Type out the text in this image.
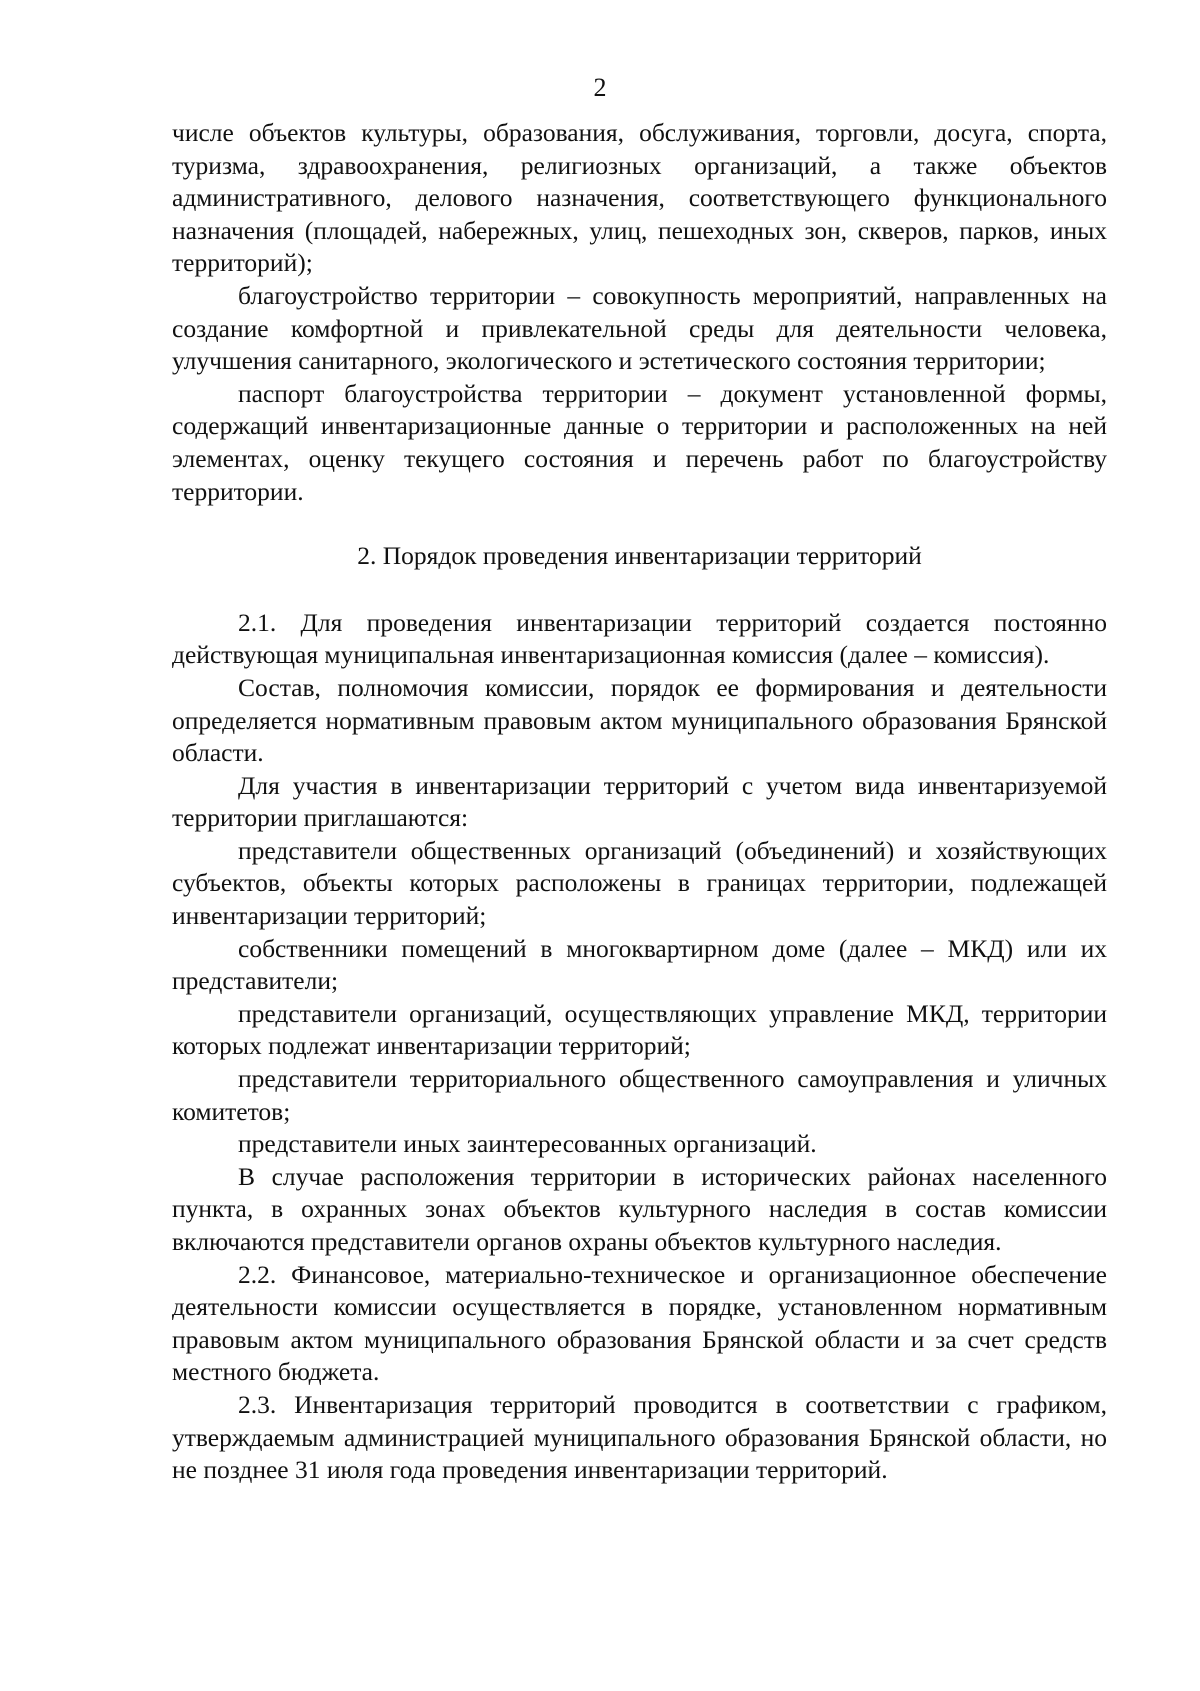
2

числе объектов культуры, образования, обслуживания, торговли, досуга, спорта, туризма, здравоохранения, религиозных организаций, а также объектов административного, делового назначения, соответствующего функционального назначения (площадей, набережных, улиц, пешеходных зон, скверов, парков, иных территорий);

благоустройство территории – совокупность мероприятий, направленных на создание комфортной и привлекательной среды для деятельности человека, улучшения санитарного, экологического и эстетического состояния территории;

паспорт благоустройства территории – документ установленной формы, содержащий инвентаризационные данные о территории и расположенных на ней элементах, оценку текущего состояния и перечень работ по благоустройству территории.

2. Порядок проведения инвентаризации территорий

2.1. Для проведения инвентаризации территорий создается постоянно действующая муниципальная инвентаризационная комиссия (далее – комиссия).

Состав, полномочия комиссии, порядок ее формирования и деятельности определяется нормативным правовым актом муниципального образования Брянской области.

Для участия в инвентаризации территорий с учетом вида инвентаризуемой территории приглашаются:

представители общественных организаций (объединений) и хозяйствующих субъектов, объекты которых расположены в границах территории, подлежащей инвентаризации территорий;

собственники помещений в многоквартирном доме (далее – МКД) или их представители;

представители организаций, осуществляющих управление МКД, территории которых подлежат инвентаризации территорий;

представители территориального общественного самоуправления и уличных комитетов;

представители иных заинтересованных организаций.

В случае расположения территории в исторических районах населенного пункта, в охранных зонах объектов культурного наследия в состав комиссии включаются представители органов охраны объектов культурного наследия.

2.2. Финансовое, материально-техническое и организационное обеспечение деятельности комиссии осуществляется в порядке, установленном нормативным правовым актом муниципального образования Брянской области и за счет средств местного бюджета.

2.3. Инвентаризация территорий проводится в соответствии с графиком, утверждаемым администрацией муниципального образования Брянской области, но не позднее 31 июля года проведения инвентаризации территорий.
